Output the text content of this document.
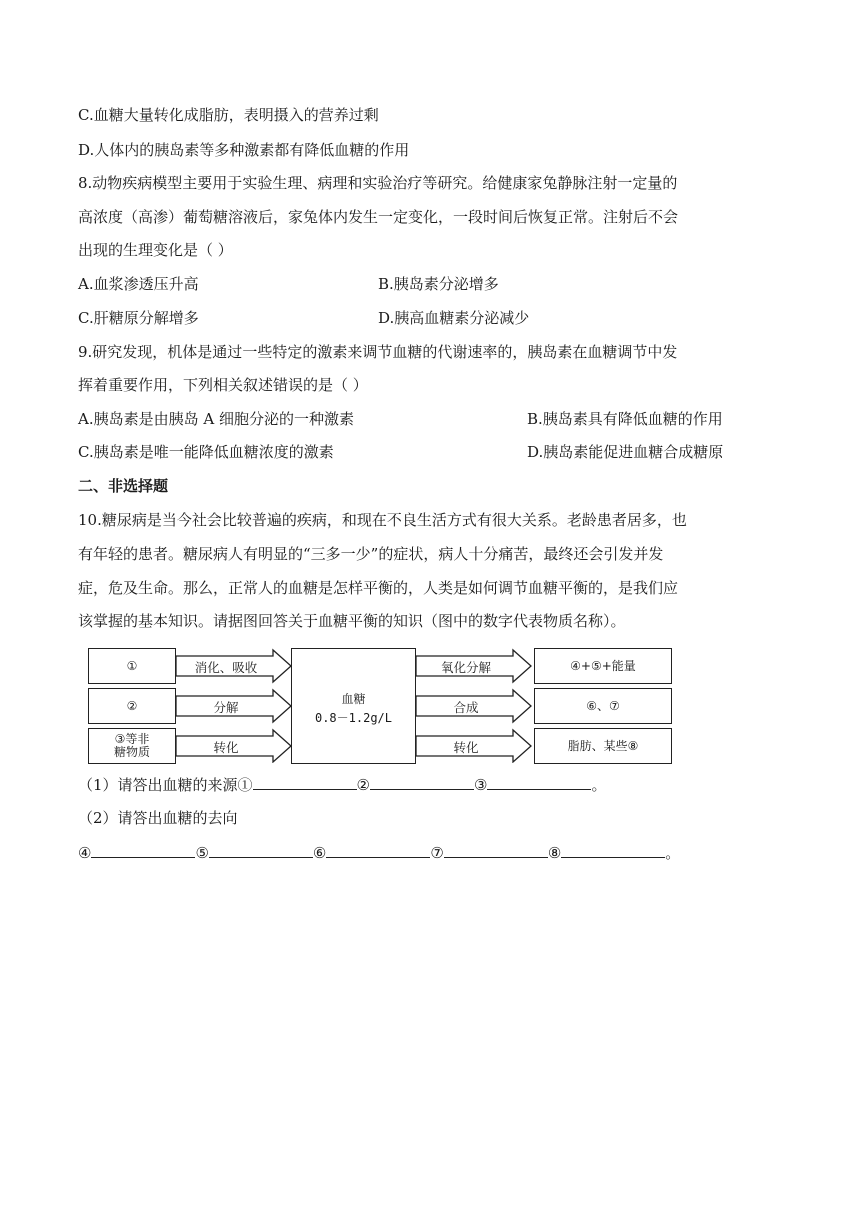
C.血糖大量转化成脂肪，表明摄入的营养过剩
D.人体内的胰岛素等多种激素都有降低血糖的作用
8.动物疾病模型主要用于实验生理、病理和实验治疗等研究。给健康家兔静脉注射一定量的
高浓度（高渗）葡萄糖溶液后，家兔体内发生一定变化，一段时间后恢复正常。注射后不会
出现的生理变化是（ ）
A.血浆渗透压升高	B.胰岛素分泌增多
C.肝糖原分解增多	D.胰高血糖素分泌减少
9.研究发现，机体是通过一些特定的激素来调节血糖的代谢速率的，胰岛素在血糖调节中发
挥着重要作用，下列相关叙述错误的是（ ）
A.胰岛素是由胰岛 A 细胞分泌的一种激素	B.胰岛素具有降低血糖的作用
C.胰岛素是唯一能降低血糖浓度的激素	D.胰岛素能促进血糖合成糖原
二、非选择题
10.糖尿病是当今社会比较普遍的疾病，和现在不良生活方式有很大关系。老龄患者居多，也
有年轻的患者。糖尿病人有明显的“三多一少”的症状，病人十分痛苦，最终还会引发并发
症，危及生命。那么，正常人的血糖是怎样平衡的，人类是如何调节血糖平衡的，是我们应
该掌握的基本知识。请据图回答关于血糖平衡的知识（图中的数字代表物质名称）。
①
②
③等非
糖物质
消化、吸收
分解
转化
血糖
0.8－1.2g/L
氧化分解
合成
转化
④+⑤+能量
⑥、⑦
脂肪、某些⑧
（1）请答出血糖的来源①	②	③	。
（2）请答出血糖的去向
④	⑤	⑥	⑦	⑧	。
